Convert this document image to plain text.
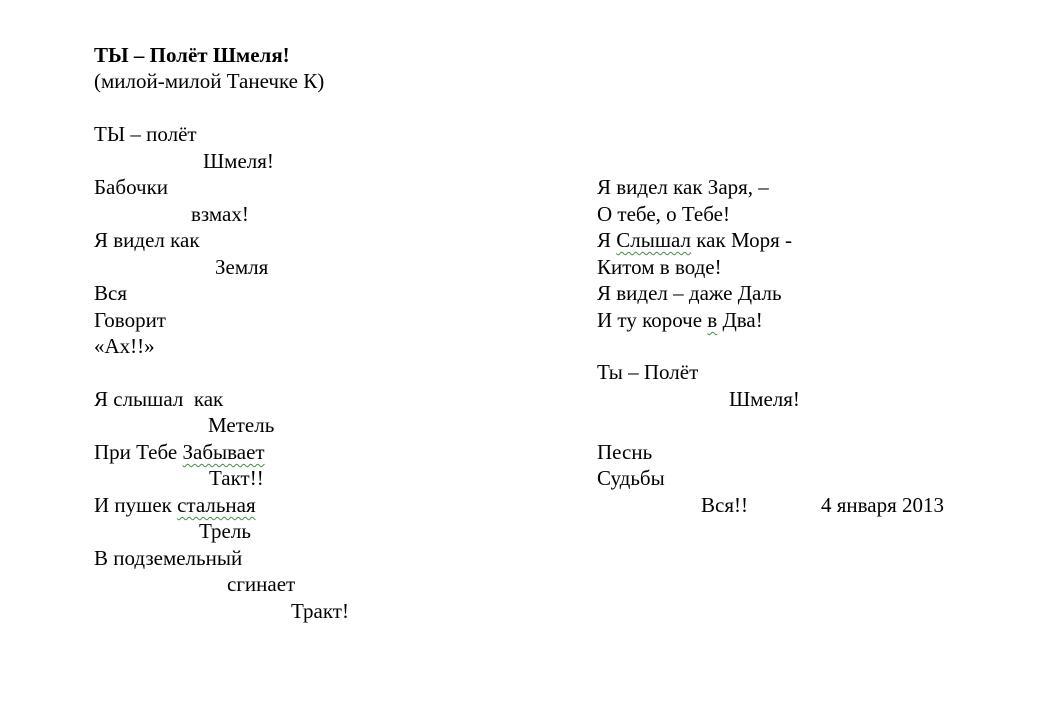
ТЫ – Полёт Шмеля!
(милой-милой Танечке К)
ТЫ – полёт
Шмеля!
Бабочки
взмах!
Я видел как
Земля
Вся
Говорит
«Ах!!»
Я слышал  как
Метель
При Тебе Забывает
Такт!!
И пушек стальная
Трель
В подземельный
сгинает
Тракт!
Я видел как Заря, –
О тебе, о Тебе!
Я Слышал как Моря -
Китом в воде!
Я видел – даже Даль
И ту короче в Два!
Ты – Полёт
Шмеля!
Песнь
Судьбы
Вся!!	4 января 2013
